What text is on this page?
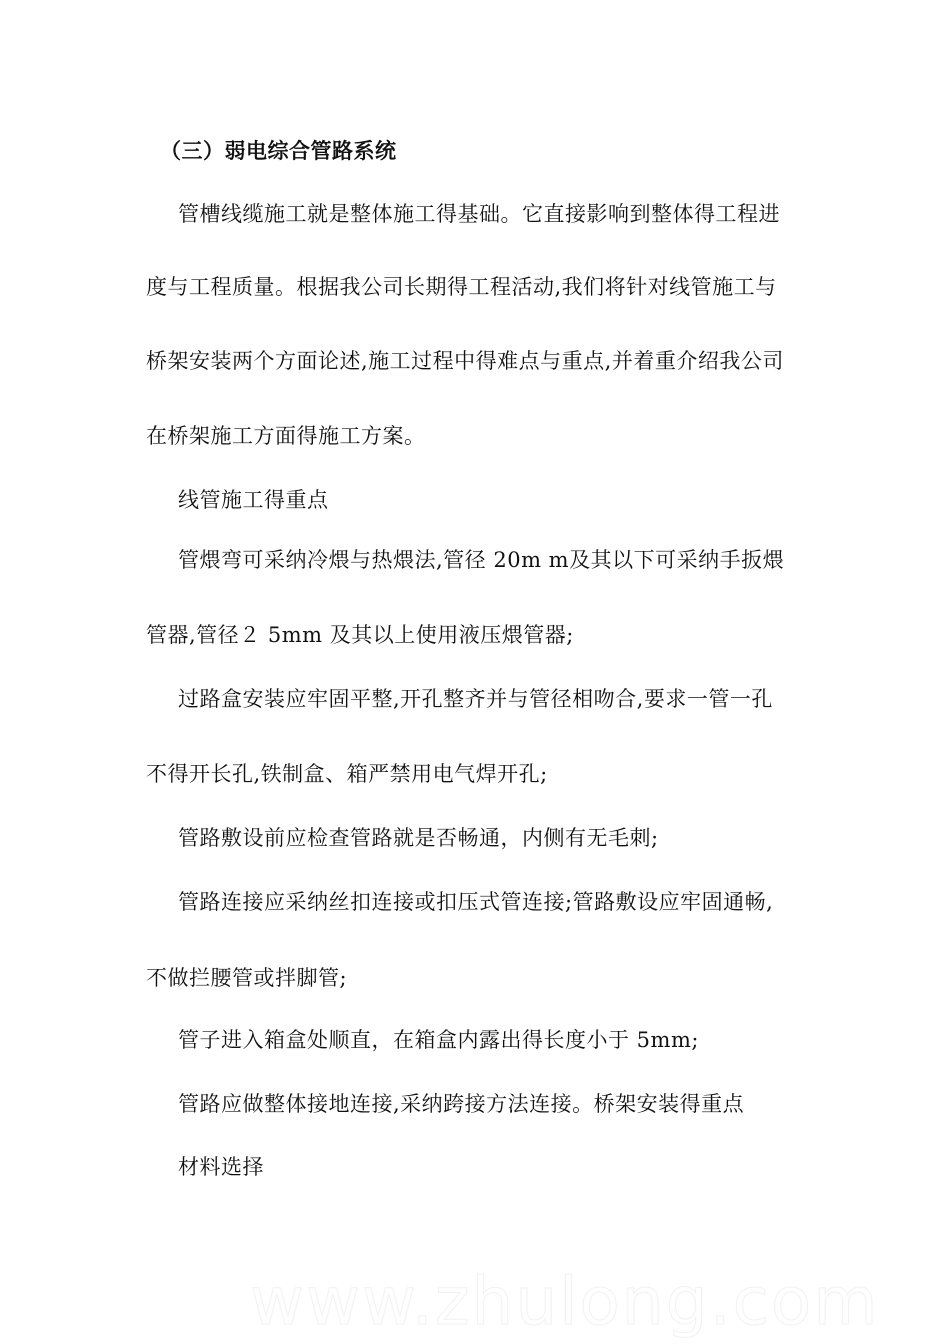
（三）弱电综合管路系统
管槽线缆施工就是整体施工得基础。它直接影响到整体得工程进
度与工程质量。根据我公司长期得工程活动,我们将针对线管施工与
桥架安装两个方面论述,施工过程中得难点与重点,并着重介绍我公司
在桥架施工方面得施工方案。
线管施工得重点
管煨弯可采纳冷煨与热煨法,管径 20m m及其以下可采纳手扳煨
管器,管径２ 5mm 及其以上使用液压煨管器;
过路盒安装应牢固平整,开孔整齐并与管径相吻合,要求一管一孔
不得开长孔,铁制盒、箱严禁用电气焊开孔;
管路敷设前应检查管路就是否畅通，内侧有无毛刺;
管路连接应采纳丝扣连接或扣压式管连接;管路敷设应牢固通畅,
不做拦腰管或拌脚管;
管子进入箱盒处顺直，在箱盒内露出得长度小于 5mm;
管路应做整体接地连接,采纳跨接方法连接。桥架安装得重点
材料选择
www.zhulong.com
